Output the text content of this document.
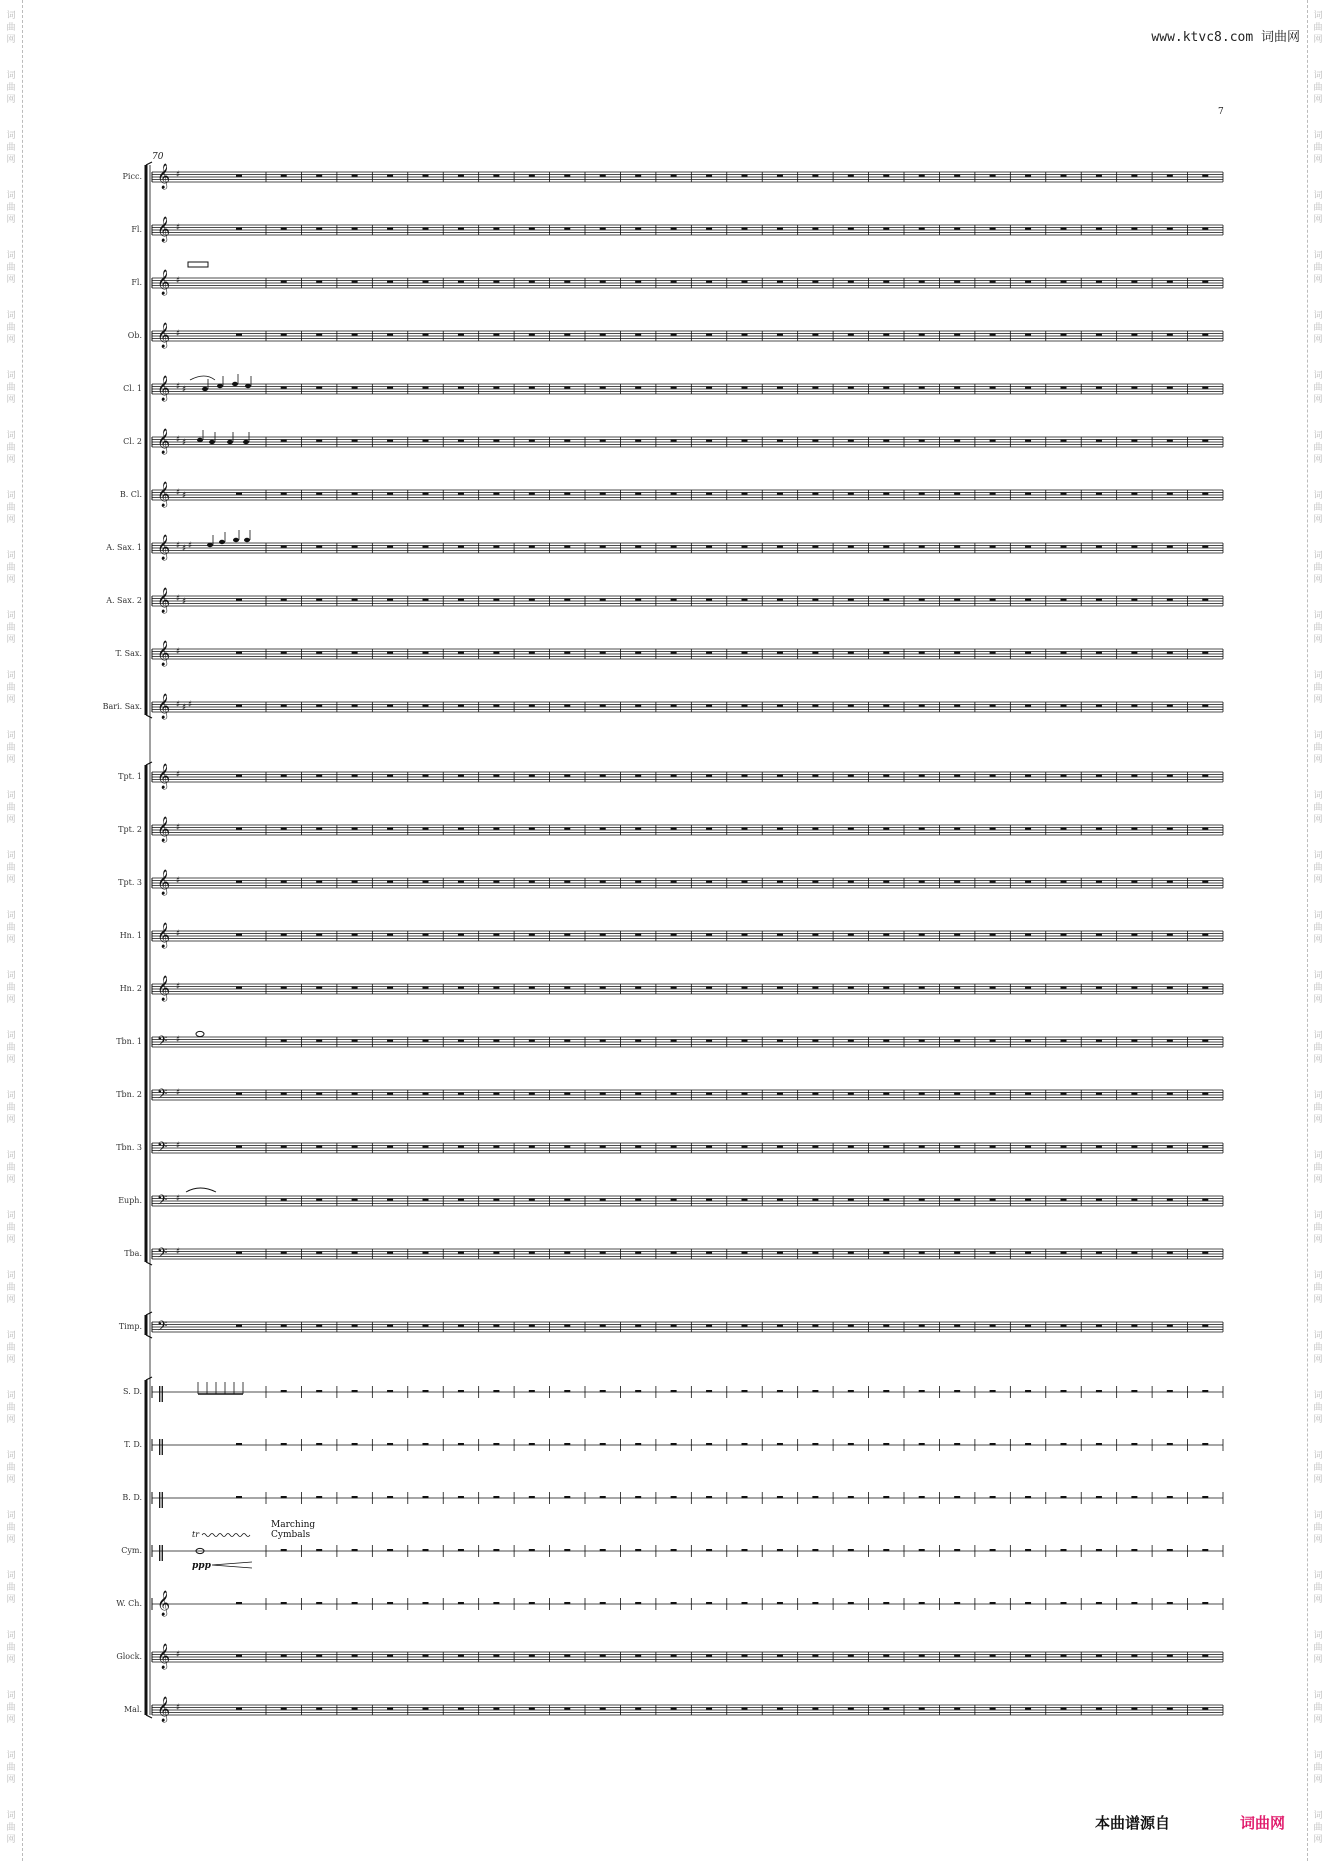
词
曲
网
词
曲
网
词
曲
网
词
曲
网
词
曲
网
词
曲
网
词
曲
网
词
曲
网
词
曲
网
词
曲
网
词
曲
网
词
曲
网
词
曲
网
词
曲
网
词
曲
网
词
曲
网
词
曲
网
词
曲
网
词
曲
网
词
曲
网
词
曲
网
词
曲
网
词
曲
网
词
曲
网
词
曲
网
词
曲
网
词
曲
网
词
曲
网
词
曲
网
词
曲
网
词
曲
网
词
曲
网
词
曲
网
词
曲
网
词
曲
网
词
曲
网
词
曲
网
词
曲
网
词
曲
网
词
曲
网
词
曲
网
词
曲
网
词
曲
网
词
曲
网
词
曲
网
词
曲
网
词
曲
网
词
曲
网
词
曲
网
词
曲
网
词
曲
网
词
曲
网
词
曲
网
词
曲
网
词
曲
网
词
曲
网
词
曲
网
词
曲
网
词
曲
网
词
曲
网
词
曲
网
词
曲
网
www.ktvc8.com 词曲网
7
70
𝄞 ♯
𝄞 ♯
𝄞 ♯
𝄞 ♯
𝄞 ♯ ♯
𝄞 ♯ ♯
𝄞 ♯ ♯
𝄞 ♯ ♯ ♯
𝄞 ♯ ♯
𝄞 ♯
𝄞 ♯ ♯ ♯
𝄞 ♯
𝄞 ♯
𝄞 ♯
𝄞 ♯
𝄞 ♯
𝄢 ♯
𝄢 ♯
𝄢 ♯
𝄢 ♯
𝄢 ♯
𝄢
‖
‖
‖
‖
𝄞
𝄞 ♯
𝄞 ♯
tr
ppp
Picc.
Fl.
Fl.
Ob.
Cl. 1
Cl. 2
B. Cl.
A. Sax. 1
A. Sax. 2
T. Sax.
Bari. Sax.
Tpt. 1
Tpt. 2
Tpt. 3
Hn. 1
Hn. 2
Tbn. 1
Tbn. 2
Tbn. 3
Euph.
Tba.
Timp.
S. D.
T. D.
B. D.
Cym.
W. Ch.
Glock.
Mal.
Marching
Cymbals
本曲谱源自	词曲网
